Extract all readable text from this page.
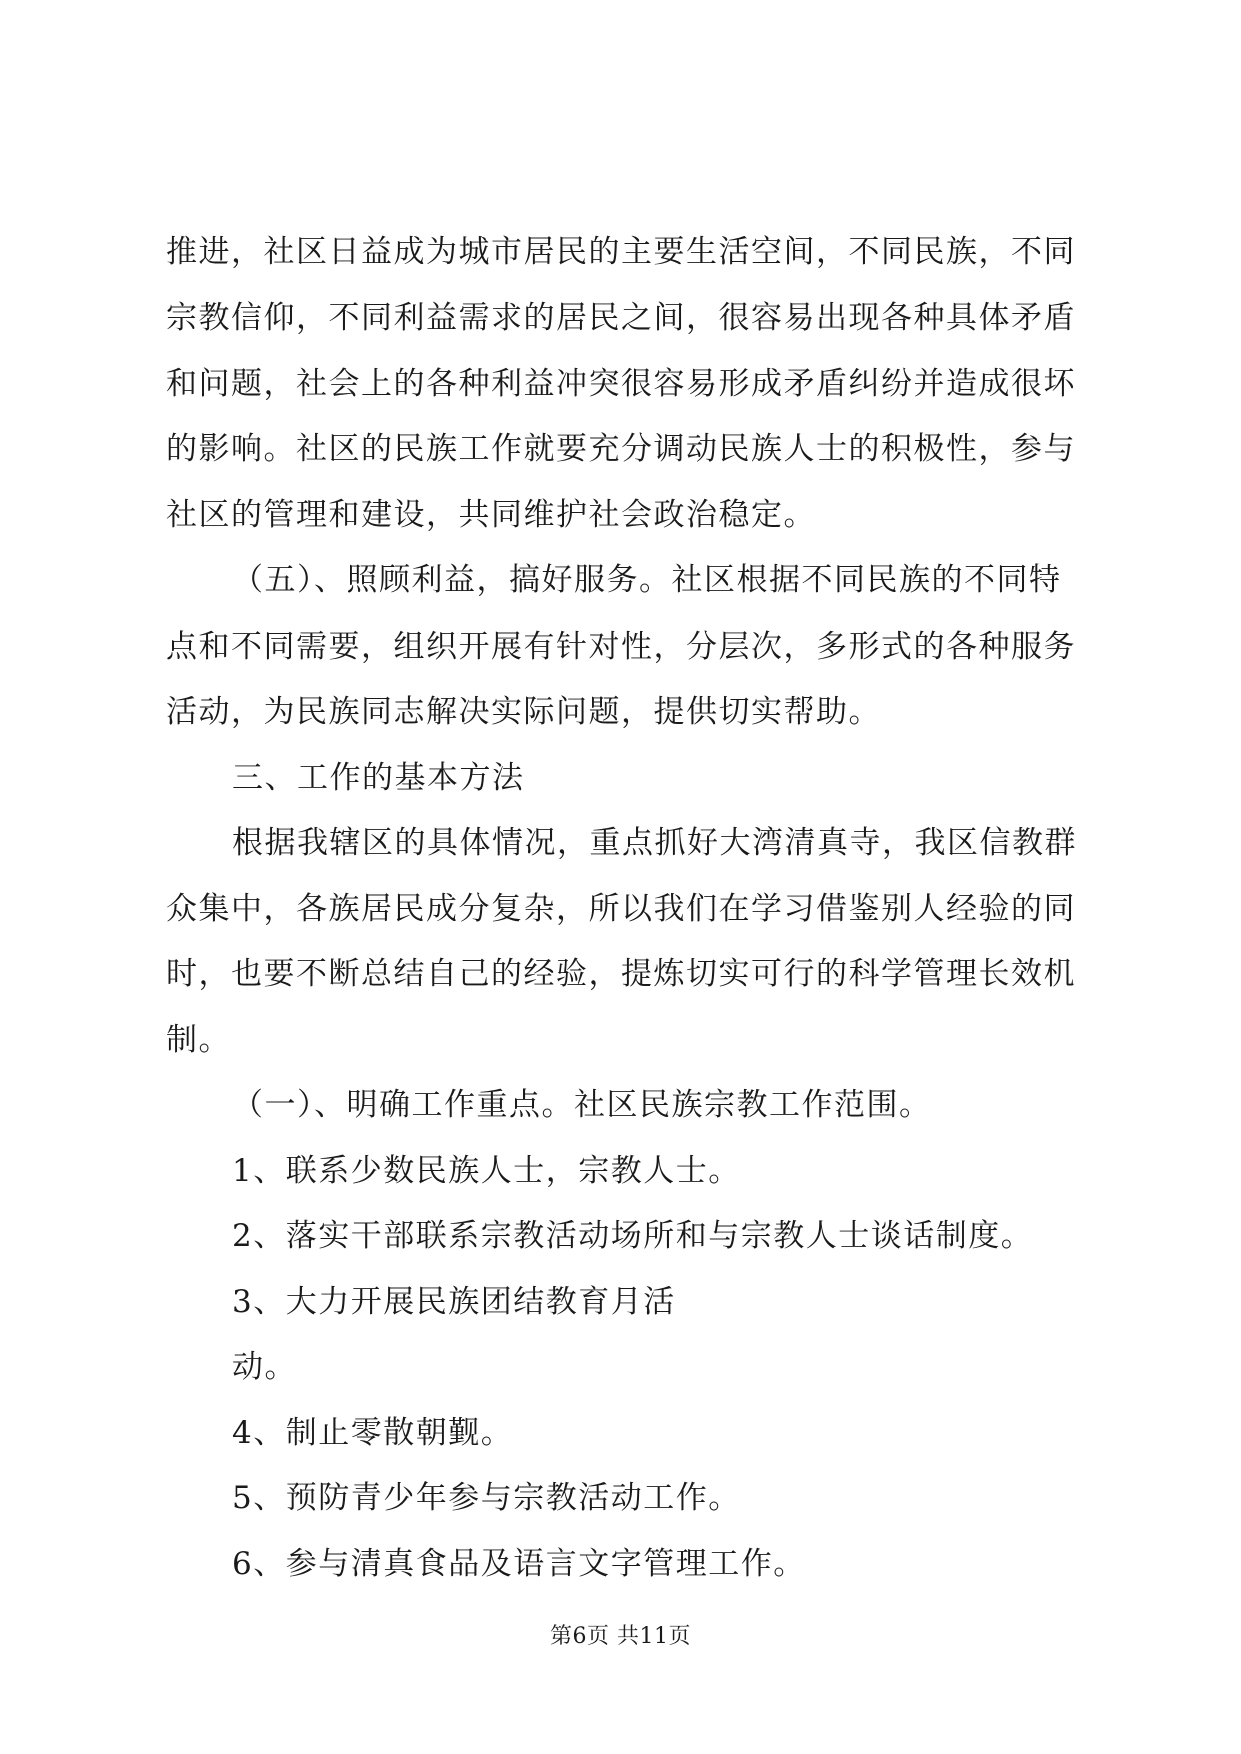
推进，社区日益成为城市居民的主要生活空间，不同民族，不同
宗教信仰，不同利益需求的居民之间，很容易出现各种具体矛盾
和问题，社会上的各种利益冲突很容易形成矛盾纠纷并造成很坏
的影响。社区的民族工作就要充分调动民族人士的积极性，参与
社区的管理和建设，共同维护社会政治稳定。
（五）、照顾利益，搞好服务。社区根据不同民族的不同特
点和不同需要，组织开展有针对性，分层次，多形式的各种服务
活动，为民族同志解决实际问题，提供切实帮助。
三、工作的基本方法
根据我辖区的具体情况，重点抓好大湾清真寺，我区信教群
众集中，各族居民成分复杂，所以我们在学习借鉴别人经验的同
时，也要不断总结自己的经验，提炼切实可行的科学管理长效机
制。
（一）、明确工作重点。社区民族宗教工作范围。
1、联系少数民族人士，宗教人士。
2、落实干部联系宗教活动场所和与宗教人士谈话制度。
3、大力开展民族团结教育月活
动。
4、制止零散朝觐。
5、预防青少年参与宗教活动工作。
6、参与清真食品及语言文字管理工作。
第6页 共11页
